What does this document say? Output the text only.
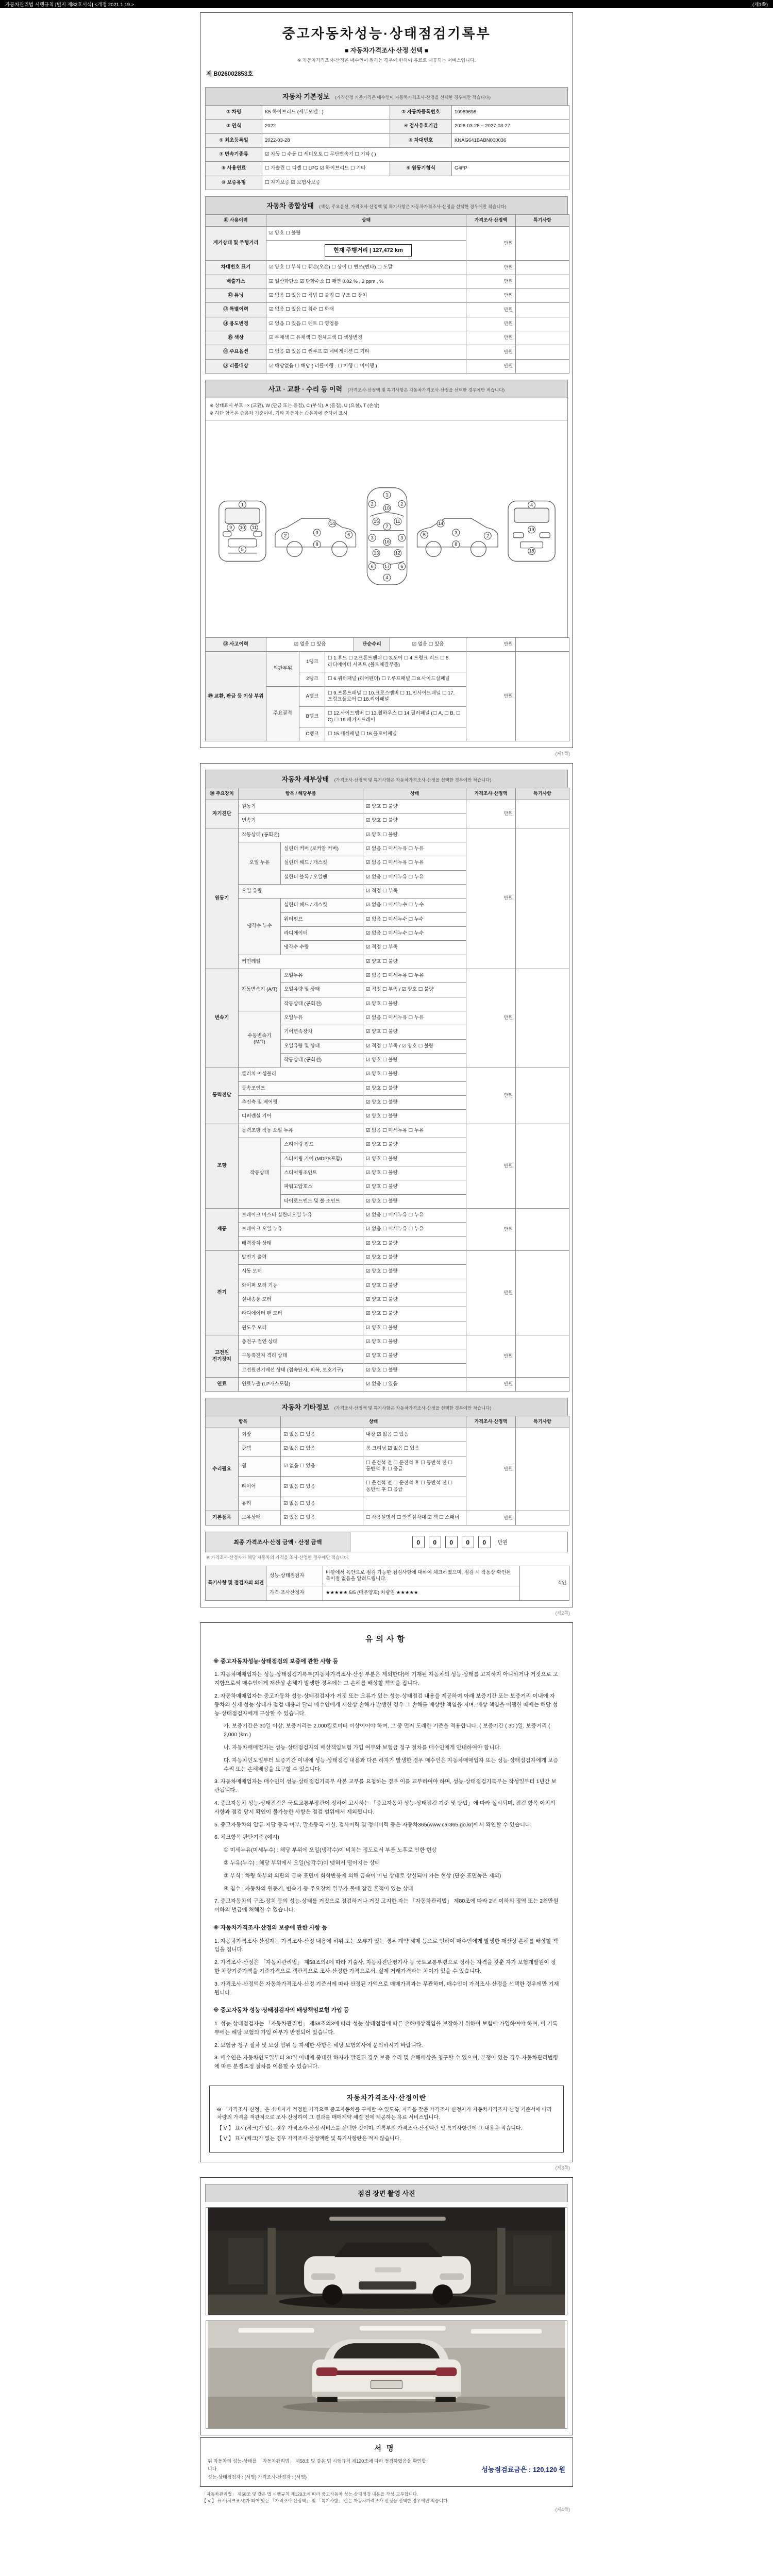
자동차관리법 시행규칙 [별지 제82호서식] <개정 2021.1.19.>	(제1쪽)
중고자동차성능·상태점검기록부
■ 자동차가격조사·산정 선택 ■
※ 자동차가격조사·산정은 매수인이 원하는 경우에 한하여 유료로 제공되는 서비스입니다.
제 B026002853호
자동차 기본정보 (가격산정 기준가격은 매수인이 자동차가격조사·산정을 선택한 경우에만 적습니다)
① 차명	K5 하이브리드 (세부모델 : )	② 자동차등록번호	10989698
③ 연식	2022	④ 검사유효기간	2026-03-28 ~ 2027-03-27
⑤ 최초등록일	2022-03-28	⑥ 차대번호	KNAG641BABN000036
⑦ 변속기종류	☑ 자동 ☐ 수동 ☐ 세미오토 ☐ 무단변속기 ☐ 기타 ( )		
⑧ 사용연료	☐ 가솔린 ☐ 디젤 ☐ LPG ☑ 하이브리드 ☐ 기타	⑨ 원동기형식	G4FP
⑩ 보증유형	☐ 자가보증 ☑ 보험사보증		
자동차 종합상태 (색상, 주요옵션, 가격조사·산정액 및 특기사항은 자동차가격조사·산정을 선택한 경우에만 적습니다)
⑪ 사용이력	상태	가격조사·산정액	특기사항
계기상태 및 주행거리	☑ 양호 ☐ 불량	만원	
	현재 주행거리 | 127,472 km		
차대번호 표기	☑ 양호 ☐ 부식 ☐ 훼손(오손) ☐ 상이 ☐ 변조(변타) ☐ 도말	만원	
배출가스	☑ 일산화탄소 ☑ 탄화수소 ☐ 매연 0.02 % , 2 ppm , %	만원	
⑫ 튜닝	☑ 없음 ☐ 있음 ☐ 적법 ☐ 불법 ☐ 구조 ☐ 장치	만원	
⑬ 특별이력	☑ 없음 ☐ 있음 ☐ 침수 ☐ 화재	만원	
⑭ 용도변경	☑ 없음 ☐ 있음 ☐ 렌트 ☐ 영업용	만원	
⑮ 색상	☑ 무채색 ☐ 유채색 ☐ 전체도색 ☐ 색상변경	만원	
⑯ 주요옵션	☐ 없음 ☑ 있음 ☐ 썬루프 ☑ 네비게이션 ☐ 기타	만원	
⑰ 리콜대상	☑ 해당없음 ☐ 해당 ( 리콜이행 : ☐ 이행 ☐ 미이행 )	만원	
사고 · 교환 · 수리 등 이력 (가격조사·산정액 및 특기사항은 자동차가격조사·산정을 선택한 경우에만 적습니다)
※ 상태표시 부호 : × (교환), W (판금 또는 용접), C (부식), A (흠집), U (요철), T (손상)
※ 하단 항목은 승용차 기준이며, 기타 자동차는 승용차에 준하여 표시
1
9 10 11
5
2
3	6
8
14
1
2	2
10
15	11
7
3	3
16
13	12
6	6
17
4
2
3
6
8
14
4
19
18
⑱ 사고이력	☑ 없음 ☐ 있음	단순수리	☑ 없음 ☐ 있음	만원	
⑲ 교환, 판금 등 이상 부위	외판부위	1랭크	☐ 1.후드 ☐ 2.프론트펜더 ☐ 3.도어 ☐ 4.트렁크 리드 ☐ 5.라디에이터 서포트 (볼트체결부품)	만원	
		2랭크	☐ 6.쿼터패널 (리어펜더) ☐ 7.루프패널 ☐ 8.사이드실패널		
	주요골격	A랭크	☐ 9.프론트패널 ☐ 10.크로스멤버 ☐ 11.인사이드패널 ☐ 17.트렁크플로어 ☐ 18.리어패널		
		B랭크	☐ 12.사이드멤버 ☐ 13.휠하우스 ☐ 14.필러패널 (☐ A, ☐ B, ☐ C) ☐ 19.패키지트레이		
		C랭크	☐ 15.대쉬패널 ☐ 16.플로어패널		
(제1쪽)
자동차 세부상태 (가격조사·산정액 및 특기사항은 자동차가격조사·산정을 선택한 경우에만 적습니다)
⑳ 주요장치	항목 / 해당부품		상태	가격조사·산정액	특기사항
자기진단	원동기		☑ 양호 ☐ 불량	만원	
	변속기		☑ 양호 ☐ 불량		
원동기	작동상태 (공회전)		☑ 양호 ☐ 불량	만원	
	오일 누유	실린더 커버 (로커암 커버)	☑ 없음 ☐ 미세누유 ☐ 누유		
		실린더 헤드 / 개스킷	☑ 없음 ☐ 미세누유 ☐ 누유		
		실린더 블록 / 오일팬	☑ 없음 ☐ 미세누유 ☐ 누유		
	오일 유량		☑ 적정 ☐ 부족		
	냉각수 누수	실린더 헤드 / 개스킷	☑ 없음 ☐ 미세누수 ☐ 누수		
		워터펌프	☑ 없음 ☐ 미세누수 ☐ 누수		
		라디에이터	☑ 없음 ☐ 미세누수 ☐ 누수		
		냉각수 수량	☑ 적정 ☐ 부족		
	커먼레일		☑ 양호 ☐ 불량		
변속기	자동변속기 (A/T)	오일누유	☑ 없음 ☐ 미세누유 ☐ 누유	만원	
		오일유량 및 상태	☑ 적정 ☐ 부족 / ☑ 양호 ☐ 불량		
		작동상태 (공회전)	☑ 양호 ☐ 불량		
	수동변속기 (M/T)	오일누유	☑ 없음 ☐ 미세누유 ☐ 누유		
		기어변속장치	☑ 양호 ☐ 불량		
		오일유량 및 상태	☑ 적정 ☐ 부족 / ☑ 양호 ☐ 불량		
		작동상태 (공회전)	☑ 양호 ☐ 불량		
동력전달	클러치 어셈블리		☑ 양호 ☐ 불량	만원	
	등속조인트		☑ 양호 ☐ 불량		
	추진축 및 베어링		☑ 양호 ☐ 불량		
	디퍼렌셜 기어		☑ 양호 ☐ 불량		
조향	동력조향 작동 오일 누유		☑ 없음 ☐ 미세누유 ☐ 누유	만원	
	작동상태	스티어링 펌프	☑ 양호 ☐ 불량		
		스티어링 기어 (MDPS포함)	☑ 양호 ☐ 불량		
		스티어링조인트	☑ 양호 ☐ 불량		
		파워고압호스	☑ 양호 ☐ 불량		
		타이로드엔드 및 볼 조인트	☑ 양호 ☐ 불량		
제동	브레이크 마스터 실린더오일 누유		☑ 없음 ☐ 미세누유 ☐ 누유	만원	
	브레이크 오일 누유		☑ 없음 ☐ 미세누유 ☐ 누유		
	배력장치 상태		☑ 양호 ☐ 불량		
전기	발전기 출력		☑ 양호 ☐ 불량	만원	
	시동 모터		☑ 양호 ☐ 불량		
	와이퍼 모터 기능		☑ 양호 ☐ 불량		
	실내송풍 모터		☑ 양호 ☐ 불량		
	라디에이터 팬 모터		☑ 양호 ☐ 불량		
	윈도우 모터		☑ 양호 ☐ 불량		
고전원 전기장치	충전구 절연 상태		☑ 양호 ☐ 불량	만원	
	구동축전지 격리 상태		☑ 양호 ☐ 불량		
	고전원전기배선 상태 (접속단자, 피복, 보호기구)		☑ 양호 ☐ 불량		
연료	연료누출 (LP가스포함)		☑ 없음 ☐ 있음	만원	
자동차 기타정보 (가격조사·산정액 및 특기사항은 자동차가격조사·산정을 선택한 경우에만 적습니다)
항목		상태		가격조사·산정액	특기사항
수리필요	외장	☑ 없음 ☐ 있음	내장 ☑ 없음 ☐ 있음	만원	
	광택	☑ 없음 ☐ 있음	룸 크리닝 ☑ 없음 ☐ 있음		
	휠	☑ 없음 ☐ 있음	☐ 운전석 전 ☐ 운전석 후 ☐ 동반석 전 ☐ 동반석 후 ☐ 응급		
	타이어	☑ 없음 ☐ 있음	☐ 운전석 전 ☐ 운전석 후 ☐ 동반석 전 ☐ 동반석 후 ☐ 응급		
	유리	☑ 없음 ☐ 있음			
기본품목	보유상태	☑ 있음 ☐ 없음	☐ 사용설명서 ☐ 안전삼각대 ☑ 잭 ☐ 스패너	만원	
최종 가격조사·산정 금액 · 산정 금액	0 0 0 0 0	만원
※ 가격조사·산정자가 해당 자동차의 가격을 조사·산정한 경우에만 적습니다.
특기사항 및 점검자의 의견	성능·상태점검자	바깥에서 육안으로 점검 가능한 점검사항에 대하여 체크하였으며, 점검 시 작동상 확인된 특이점 없음을 알려드립니다.	직인
	가격·조사산정자	★★★★★ 5/5 (매우양호) 차량임 ★★★★★	
(제2쪽)
유의사항
※ 중고자동차성능·상태점검의 보증에 관한 사항 등
1. 자동차매매업자는 성능·상태점검기록부(자동차가격조사·산정 부분은 제외한다)에 기재된 자동차의 성능·상태를 고지하지 아니하거나 거짓으로 고지함으로써 매수인에게 재산상 손해가 발생한 경우에는 그 손해를 배상할 책임을 집니다.
2. 자동차매매업자는 중고자동차 성능·상태점검자가 거짓 또는 오류가 있는 성능·상태점검 내용을 제공하여 아래 보증기간 또는 보증거리 이내에 자동차의 실제 성능·상태가 점검 내용과 달라 매수인에게 재산상 손해가 발생한 경우 그 손해를 배상할 책임을 지며, 배상 책임을 이행한 때에는 해당 성능·상태점검자에게 구상할 수 있습니다.
가. 보증기간은 30일 이상, 보증거리는 2,000킬로미터 이상이어야 하며, 그 중 먼저 도래한 기준을 적용합니다. ( 보증기간 ( 30 )일, 보증거리 ( 2,000 )km )
나. 자동차매매업자는 성능·상태점검자의 배상책임보험 가입 여부와 보험금 청구 절차를 매수인에게 안내하여야 합니다.
다. 자동차인도일부터 보증기간 이내에 성능·상태점검 내용과 다른 하자가 발생한 경우 매수인은 자동차매매업자 또는 성능·상태점검자에게 보증수리 또는 손해배상을 요구할 수 있습니다.
3. 자동차매매업자는 매수인이 성능·상태점검기록부 사본 교부를 요청하는 경우 이를 교부하여야 하며, 성능·상태점검기록부는 작성일부터 1년간 보관됩니다.
4. 중고자동차 성능·상태점검은 국토교통부장관이 정하여 고시하는 「중고자동차 성능·상태점검 기준 및 방법」에 따라 실시되며, 점검 항목 이외의 사항과 점검 당시 확인이 불가능한 사항은 점검 범위에서 제외됩니다.
5. 중고자동차의 압류·저당 등록 여부, 말소등록 사실, 검사이력 및 정비이력 등은 자동차365(www.car365.go.kr)에서 확인할 수 있습니다.
6. 체크항목 판단기준 (예시)
① 미세누유(미세누수) : 해당 부위에 오일(냉각수)이 비치는 정도로서 부품 노후로 인한 현상
② 누유(누수) : 해당 부위에서 오일(냉각수)이 맺혀서 떨어지는 상태
③ 부식 : 차량 하부와 외판의 금속 표면이 화학반응에 의해 금속이 아닌 상태로 상실되어 가는 현상 (단순 표면녹은 제외)
④ 침수 : 자동차의 원동기, 변속기 등 주요장치 일부가 물에 잠긴 흔적이 있는 상태
7. 중고자동차의 구조·장치 등의 성능·상태를 거짓으로 점검하거나 거짓 고지한 자는 「자동차관리법」 제80조에 따라 2년 이하의 징역 또는 2천만원 이하의 벌금에 처해질 수 있습니다.
※ 자동차가격조사·산정의 보증에 관한 사항 등
1. 자동차가격조사·산정자는 가격조사·산정 내용에 허위 또는 오류가 있는 경우 계약 해제 등으로 인하여 매수인에게 발생한 재산상 손해를 배상할 책임을 집니다.
2. 가격조사·산정은 「자동차관리법」 제58조의4에 따라 기술사, 자동차진단평가사 등 국토교통부령으로 정하는 자격을 갖춘 자가 보험개발원이 정한 차량기준가액을 기준가격으로 객관적으로 조사·산정한 가격으로서, 실제 거래가격과는 차이가 있을 수 있습니다.
3. 가격조사·산정액은 자동차가격조사·산정 기준서에 따라 산정된 가액으로 매매가격과는 무관하며, 매수인이 가격조사·산정을 선택한 경우에만 기재됩니다.
※ 중고자동차 성능·상태점검자의 배상책임보험 가입 등
1. 성능·상태점검자는 「자동차관리법」 제58조의3에 따라 성능·상태점검에 따른 손해배상책임을 보장하기 위하여 보험에 가입하여야 하며, 이 기록부에는 해당 보험의 가입 여부가 반영되어 있습니다.
2. 보험금 청구 절차 및 보상 범위 등 자세한 사항은 해당 보험회사에 문의하시기 바랍니다.
3. 매수인은 자동차인도일부터 30일 이내에 중대한 하자가 발견된 경우 보증 수리 및 손해배상을 청구할 수 있으며, 분쟁이 있는 경우 자동차관리법령에 따른 분쟁조정 절차를 이용할 수 있습니다.
자동차가격조사·산정이란
※ 「가격조사·산정」은 소비자가 적정한 가격으로 중고자동차를 구매할 수 있도록, 자격을 갖춘 가격조사·산정자가 자동차가격조사·산정 기준서에 따라 차량의 가격을 객관적으로 조사·산정하여 그 결과를 매매계약 체결 전에 제공하는 유료 서비스입니다.
【 V 】 표시(체크)가 있는 경우 가격조사·산정 서비스를 선택한 것이며, 기록부의 가격조사·산정액란 및 특기사항란에 그 내용을 적습니다.
【 V 】 표시(체크)가 없는 경우 가격조사·산정액란 및 특기사항란은 적지 않습니다.
(제3쪽)
점검 장면 촬영 사진
서명
위 자동차의 성능·상태를 「자동차관리법」 제58조 및 같은 법 시행규칙 제120조에 따라 점검하였음을 확인합니다.
성능·상태점검자 : (서명) 가격조사·산정자 : (서명)
성능점검료금은 : 120,120 원
「자동차관리법」 제58조 및 같은 법 시행규칙 제120조에 따라 중고자동차 성능·상태점검 내용을 작성·교부합니다.
【 V 】 표시(체크표시)가 되어 있는 「가격조사·산정액」 및 「특기사항」 란은 자동차가격조사·산정을 선택한 경우에만 적습니다.
(제4쪽)
